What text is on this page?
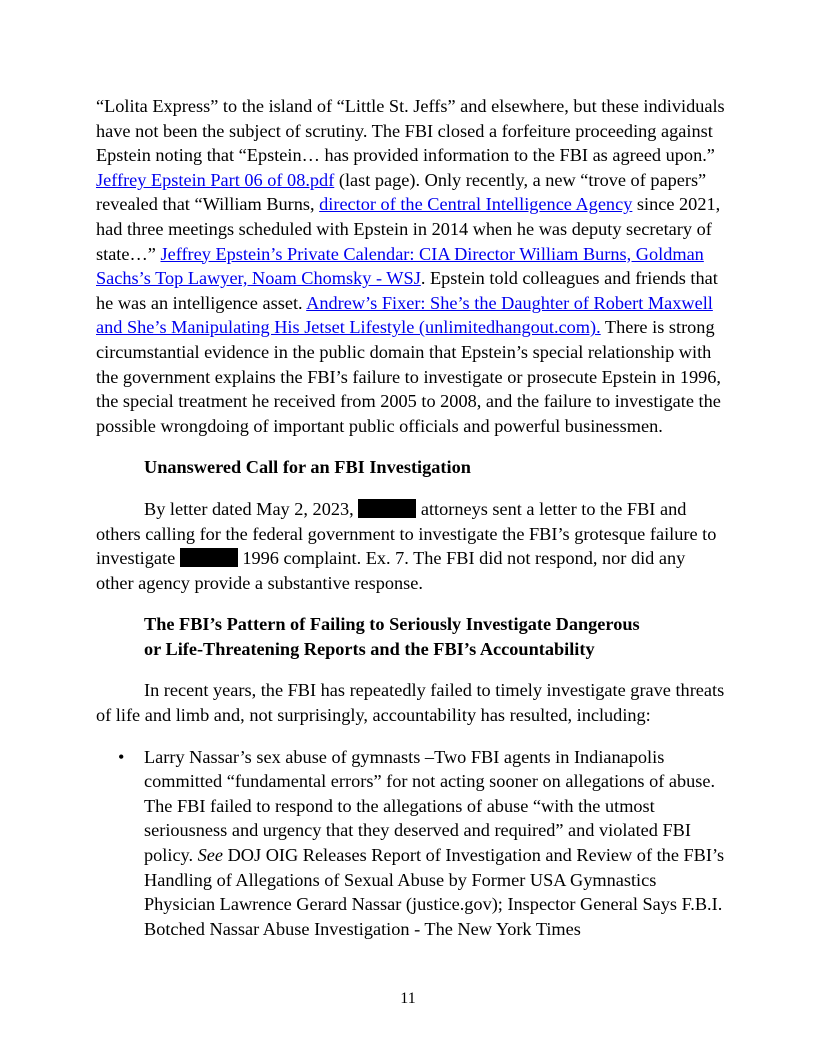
“Lolita Express” to the island of “Little St. Jeffs” and elsewhere, but these individuals have not been the subject of scrutiny. The FBI closed a forfeiture proceeding against Epstein noting that “Epstein… has provided information to the FBI as agreed upon.” Jeffrey Epstein Part 06 of 08.pdf (last page). Only recently, a new “trove of papers” revealed that “William Burns, director of the Central Intelligence Agency since 2021, had three meetings scheduled with Epstein in 2014 when he was deputy secretary of state…” Jeffrey Epstein’s Private Calendar: CIA Director William Burns, Goldman Sachs’s Top Lawyer, Noam Chomsky - WSJ. Epstein told colleagues and friends that he was an intelligence asset. Andrew’s Fixer: She’s the Daughter of Robert Maxwell and She’s Manipulating His Jetset Lifestyle (unlimitedhangout.com). There is strong circumstantial evidence in the public domain that Epstein’s special relationship with the government explains the FBI’s failure to investigate or prosecute Epstein in 1996, the special treatment he received from 2005 to 2008, and the failure to investigate the possible wrongdoing of important public officials and powerful businessmen.

Unanswered Call for an FBI Investigation

By letter dated May 2, 2023,	attorneys sent a letter to the FBI and others calling for the federal government to investigate the FBI’s grotesque failure to investigate	1996 complaint. Ex. 7. The FBI did not respond, nor did any other agency provide a substantive response.

The FBI’s Pattern of Failing to Seriously Investigate Dangerous
or Life-Threatening Reports and the FBI’s Accountability

In recent years, the FBI has repeatedly failed to timely investigate grave threats of life and limb and, not surprisingly, accountability has resulted, including:

• Larry Nassar’s sex abuse of gymnasts –Two FBI agents in Indianapolis committed “fundamental errors” for not acting sooner on allegations of abuse. The FBI failed to respond to the allegations of abuse “with the utmost seriousness and urgency that they deserved and required” and violated FBI policy. See DOJ OIG Releases Report of Investigation and Review of the FBI’s Handling of Allegations of Sexual Abuse by Former USA Gymnastics Physician Lawrence Gerard Nassar (justice.gov); Inspector General Says F.B.I. Botched Nassar Abuse Investigation - The New York Times
11
